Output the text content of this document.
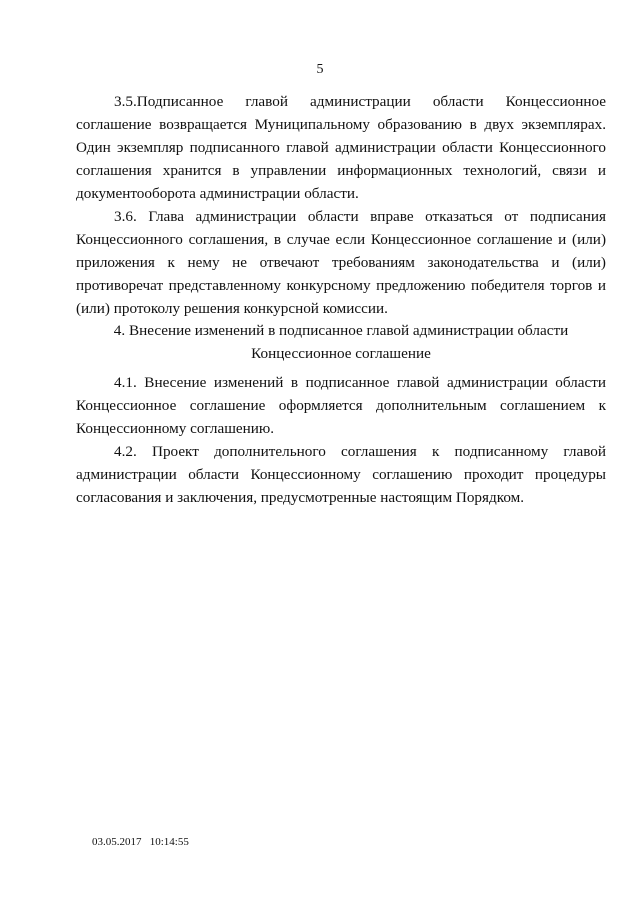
5

3.5.Подписанное главой администрации области Концессионное соглашение возвращается Муниципальному образованию в двух экземплярах. Один экземпляр подписанного главой администрации области Концессионного соглашения хранится в управлении информационных технологий, связи и документооборота администрации области.

3.6. Глава администрации области вправе отказаться от подписания Концессионного соглашения, в случае если Концессионное соглашение и (или) приложения к нему не отвечают требованиям законодательства и (или) противоречат представленному конкурсному предложению победителя торгов и (или) протоколу решения конкурсной комиссии.

4. Внесение изменений в подписанное главой администрации области

Концессионное соглашение

4.1. Внесение изменений в подписанное главой администрации области Концессионное соглашение оформляется дополнительным соглашением к Концессионному соглашению.

4.2. Проект дополнительного соглашения к подписанному главой администрации области Концессионному соглашению проходит процедуры согласования и заключения, предусмотренные настоящим Порядком.

03.05.2017 10:14:55
